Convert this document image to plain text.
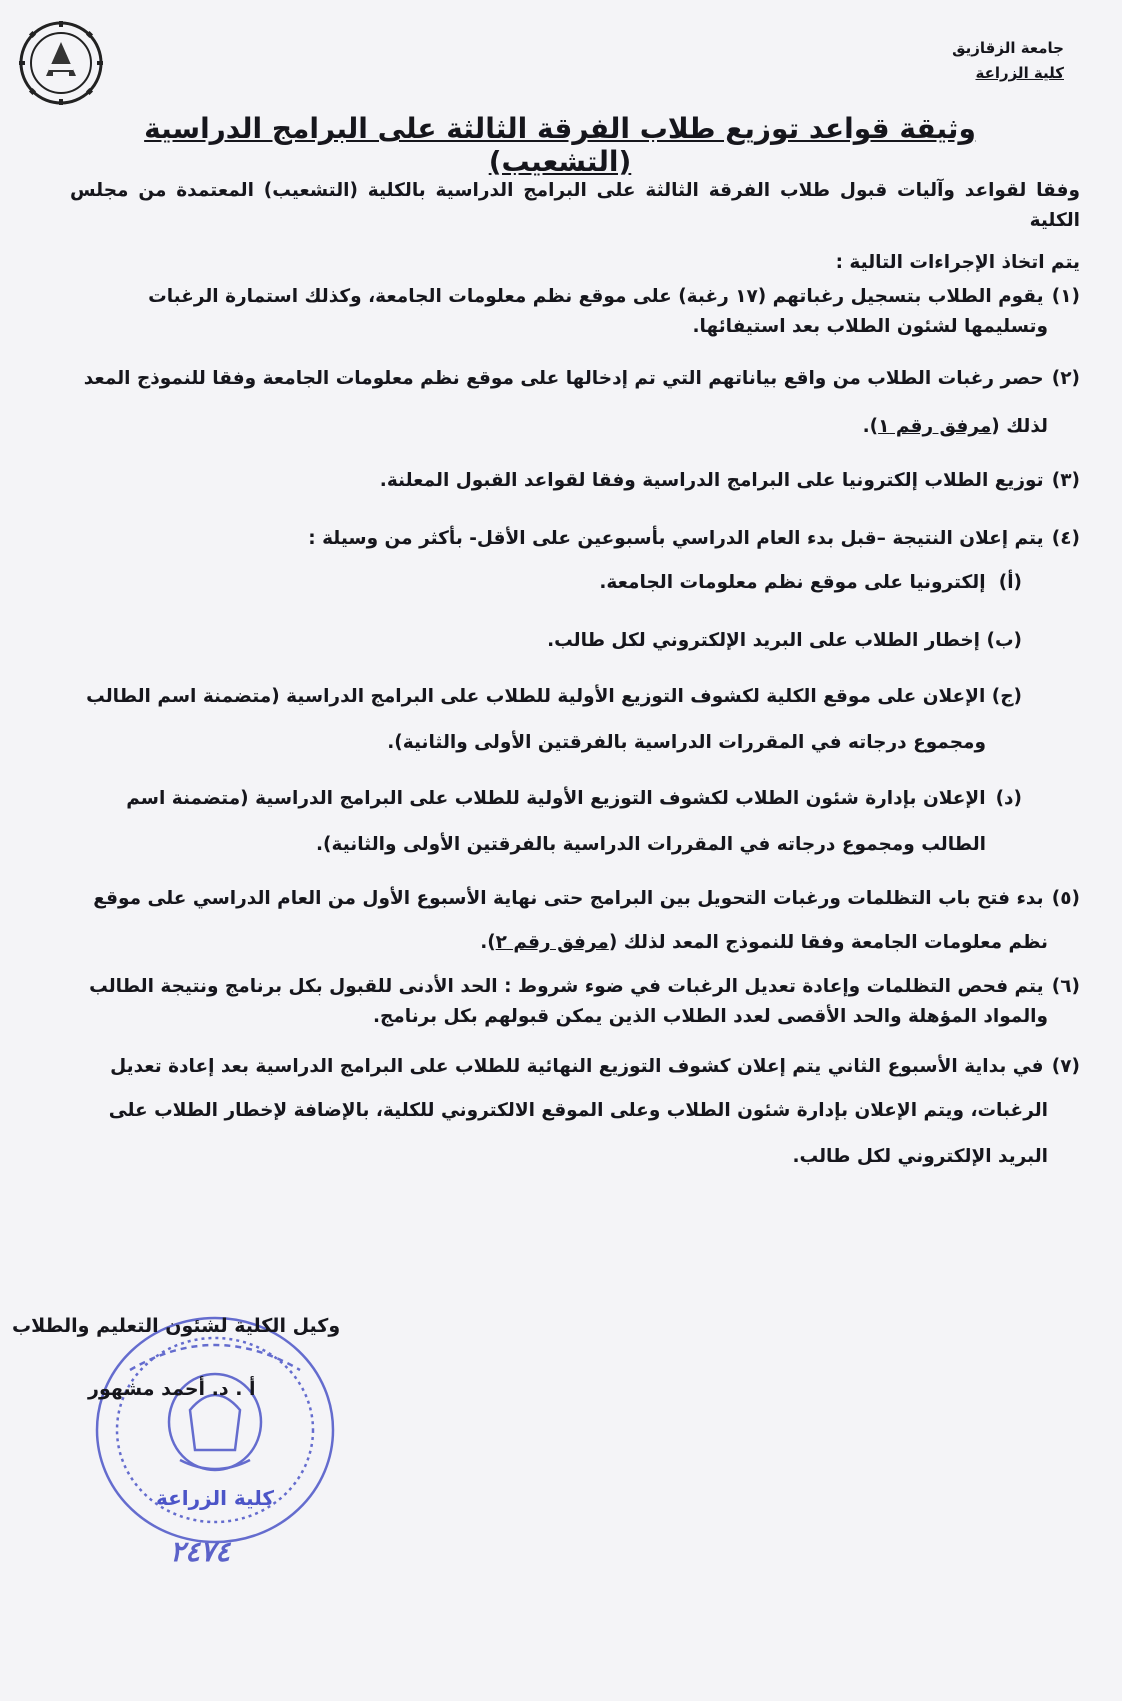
جامعة الزقازيق
كلية الزراعة
وثيقة قواعد توزيع طلاب الفرقة الثالثة على البرامج الدراسية (التشعيب)

وفقا لقواعد وآليات قبول طلاب الفرقة الثالثة على البرامج الدراسية بالكلية (التشعيب) المعتمدة من مجلس الكلية

يتم اتخاذ الإجراءات التالية :

(١) يقوم الطلاب بتسجيل رغباتهم (١٧ رغبة) على موقع نظم معلومات الجامعة، وكذلك استمارة الرغبات
وتسليمها لشئون الطلاب بعد استيفائها.
(٢) حصر رغبات الطلاب من واقع بياناتهم التي تم إدخالها على موقع نظم معلومات الجامعة وفقا للنموذج المعد
لذلك (مرفق رقم ١).
(٣) توزيع الطلاب إلكترونيا على البرامج الدراسية وفقا لقواعد القبول المعلنة.
(٤) يتم إعلان النتيجة –قبل بدء العام الدراسي بأسبوعين على الأقل- بأكثر من وسيلة :
(أ) إلكترونيا على موقع نظم معلومات الجامعة.
(ب) إخطار الطلاب على البريد الإلكتروني لكل طالب.
(ج) الإعلان على موقع الكلية لكشوف التوزيع الأولية للطلاب على البرامج الدراسية (متضمنة اسم الطالب
ومجموع درجاته في المقررات الدراسية بالفرقتين الأولى والثانية).
(د) الإعلان بإدارة شئون الطلاب لكشوف التوزيع الأولية للطلاب على البرامج الدراسية (متضمنة اسم
الطالب ومجموع درجاته في المقررات الدراسية بالفرقتين الأولى والثانية).
(٥) بدء فتح باب التظلمات ورغبات التحويل بين البرامج حتى نهاية الأسبوع الأول من العام الدراسي على موقع
نظم معلومات الجامعة وفقا للنموذج المعد لذلك (مرفق رقم ٢).
(٦) يتم فحص التظلمات وإعادة تعديل الرغبات في ضوء شروط : الحد الأدنى للقبول بكل برنامج ونتيجة الطالب
والمواد المؤهلة والحد الأقصى لعدد الطلاب الذين يمكن قبولهم بكل برنامج.
(٧) في بداية الأسبوع الثاني يتم إعلان كشوف التوزيع النهائية للطلاب على البرامج الدراسية بعد إعادة تعديل
الرغبات، ويتم الإعلان بإدارة شئون الطلاب وعلى الموقع الالكتروني للكلية، بالإضافة لإخطار الطلاب على
البريد الإلكتروني لكل طالب.
كلية الزراعة
وكيل الكلية لشئون التعليم والطلاب
أ . د. أحمد مشهور
٢٤٧٤
